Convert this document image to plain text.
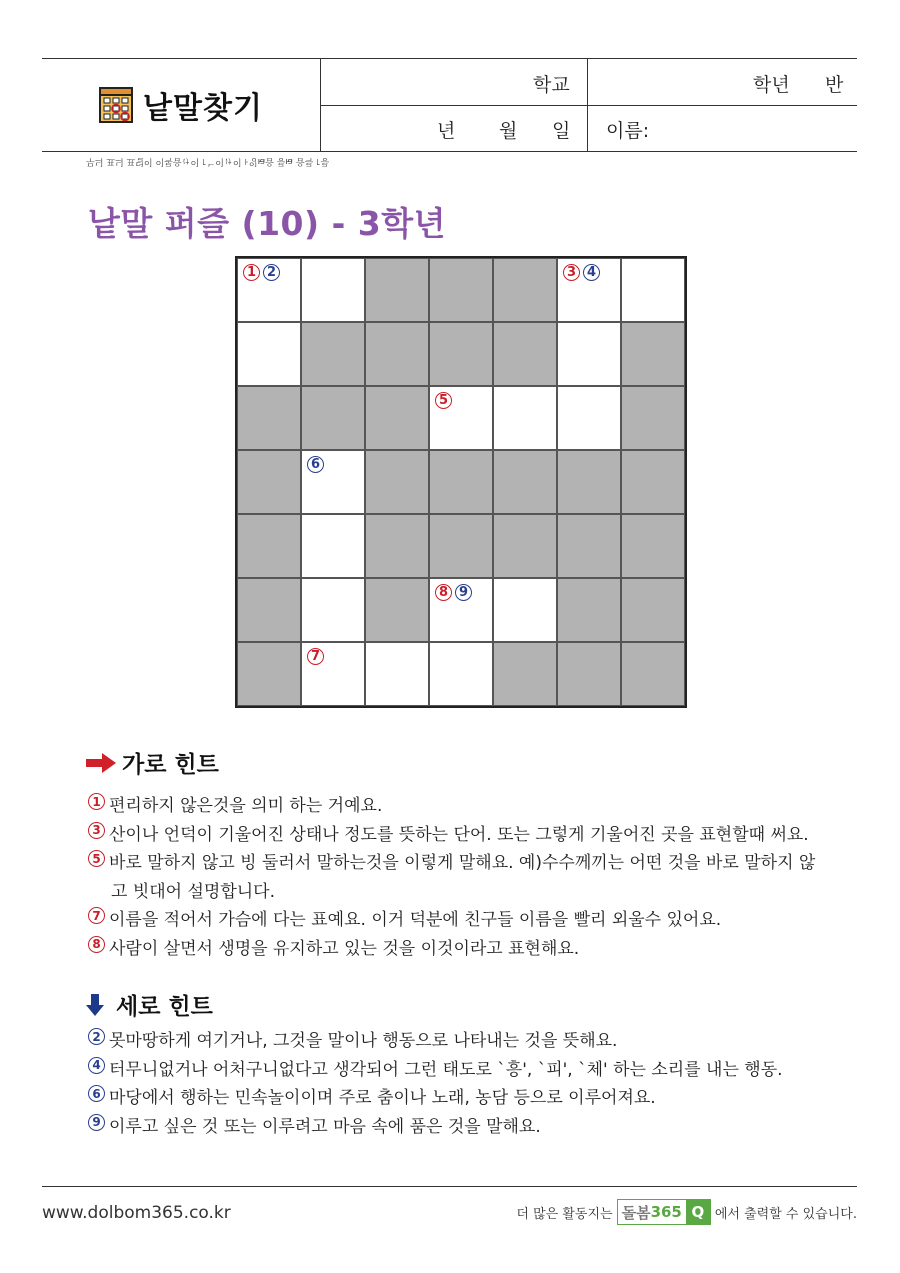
낱말찾기
학교	학년 반
년 월 일 이름:
무늬 표늬 표덜이 이록읍ゖ이 ꜒ᄂ이ゖ이 ꜔잉ꙗ읍 릉ꙗ 읍륵 ꜒릉
낱말 퍼즐 (10) - 3학년
1 2	3 4
5
6
8 9
7
가로 힌트
1 편리하지 않은것을 의미 하는 거예요.
3 산이나 언덕이 기울어진 상태나 정도를 뜻하는 단어. 또는 그렇게 기울어진 곳을 표현할때 써요.
5 바로 말하지 않고 빙 둘러서 말하는것을 이렇게 말해요. 예)수수께끼는 어떤 것을 바로 말하지 않
고 빗대어 설명합니다.
7 이름을 적어서 가슴에 다는 표예요. 이거 덕분에 친구들 이름을 빨리 외울수 있어요.
8 사람이 살면서 생명을 유지하고 있는 것을 이것이라고 표현해요.
세로 힌트
2 못마땅하게 여기거나, 그것을 말이나 행동으로 나타내는 것을 뜻해요.
4 터무니없거나 어처구니없다고 생각되어 그런 태도로 `흥', `피', `체' 하는 소리를 내는 행동.
6 마당에서 행하는 민속놀이이며 주로 춤이나 노래, 농담 등으로 이루어져요.
9 이루고 싶은 것 또는 이루려고 마음 속에 품은 것을 말해요.
www.dolbom365.co.kr	더 많은 활동지는 돌봄 365 Q 에서 출력할 수 있습니다.
